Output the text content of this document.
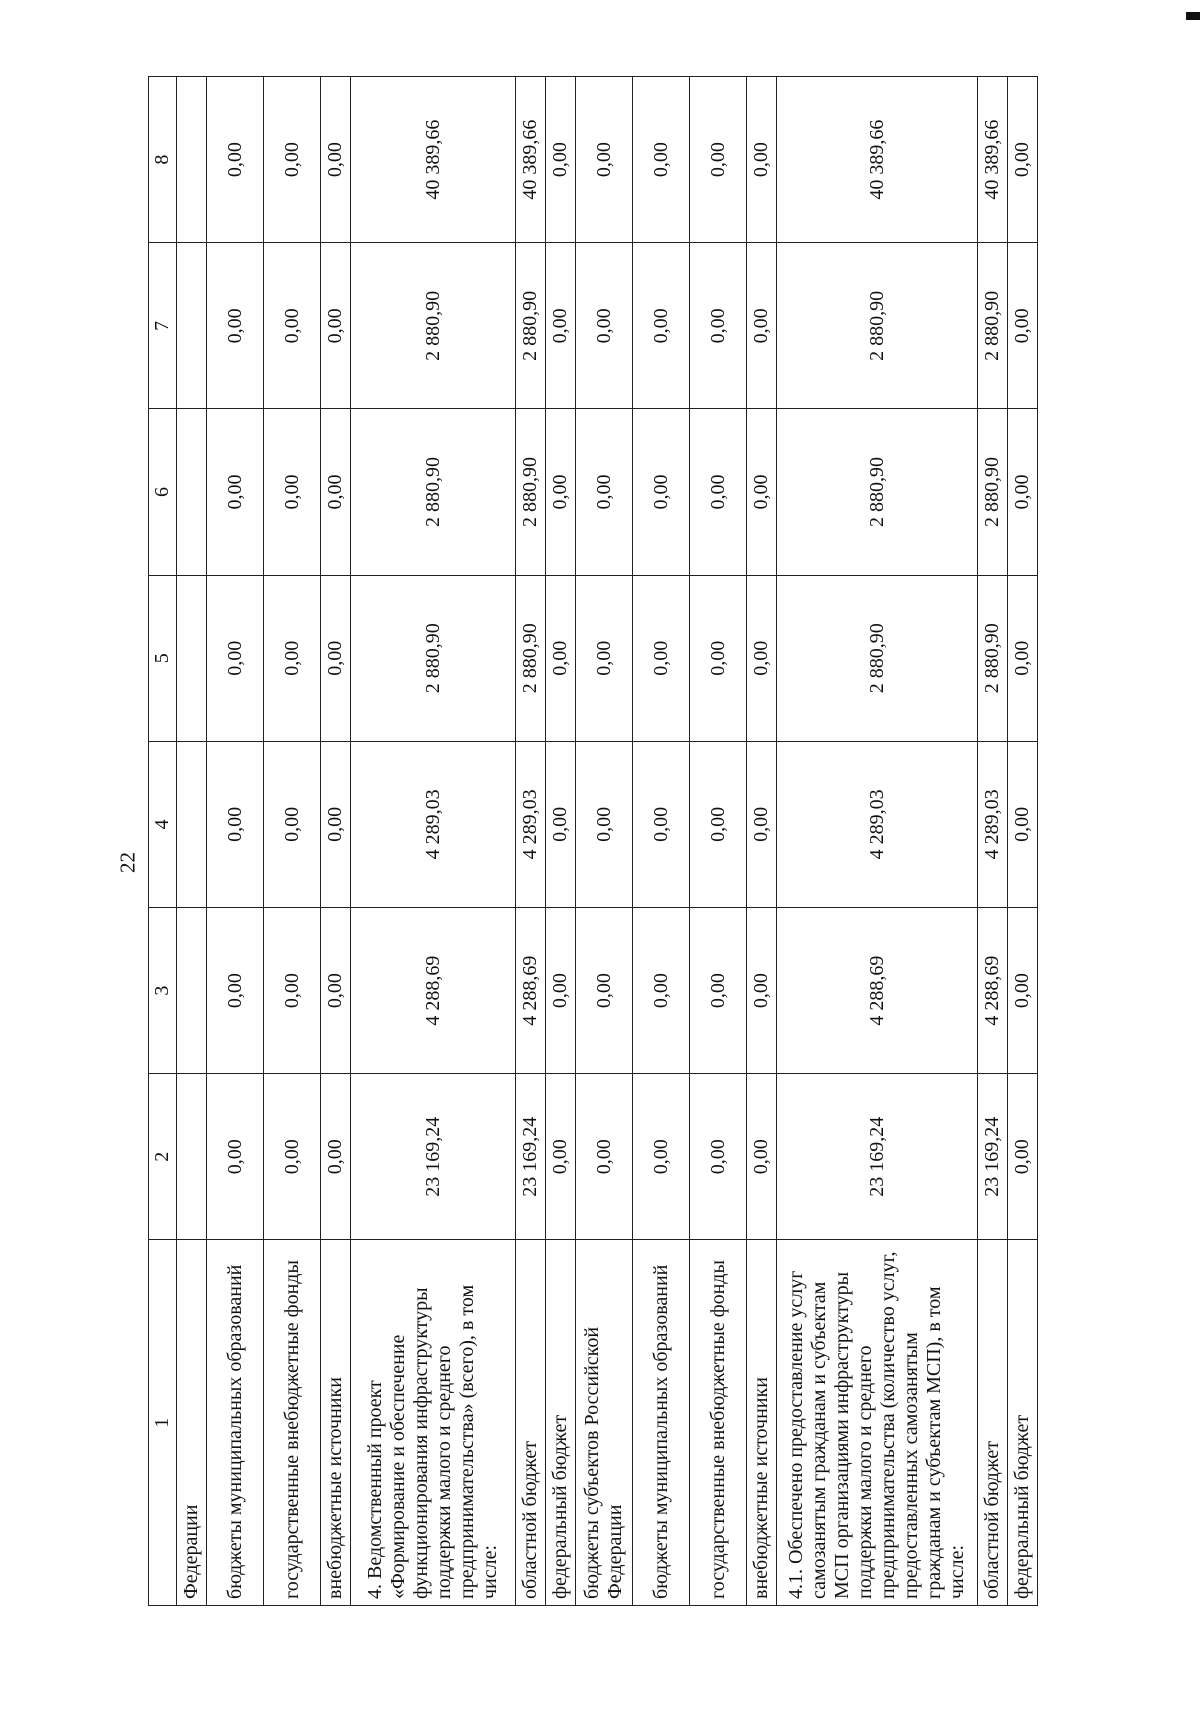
22
1	2	3	4	5	6	7	8
Федерации							
бюджеты муниципальных образований	0,00	0,00	0,00	0,00	0,00	0,00	0,00
государственные внебюджетные фонды	0,00	0,00	0,00	0,00	0,00	0,00	0,00
внебюджетные источники	0,00	0,00	0,00	0,00	0,00	0,00	0,00
4. Ведомственный проект «Формирование и обеспечение функционирования инфраструктуры поддержки малого и среднего предпринимательства» (всего), в том числе:	23 169,24	4 288,69	4 289,03	2 880,90	2 880,90	2 880,90	40 389,66
областной бюджет	23 169,24	4 288,69	4 289,03	2 880,90	2 880,90	2 880,90	40 389,66
федеральный бюджет	0,00	0,00	0,00	0,00	0,00	0,00	0,00
бюджеты субъектов Российской Федерации	0,00	0,00	0,00	0,00	0,00	0,00	0,00
бюджеты муниципальных образований	0,00	0,00	0,00	0,00	0,00	0,00	0,00
государственные внебюджетные фонды	0,00	0,00	0,00	0,00	0,00	0,00	0,00
внебюджетные источники	0,00	0,00	0,00	0,00	0,00	0,00	0,00
4.1. Обеспечено предоставление услуг самозанятым гражданам и субъектам МСП организациями инфраструктуры поддержки малого и среднего предпринимательства (количество услуг, предоставленных самозанятым гражданам и субъектам МСП), в том числе:	23 169,24	4 288,69	4 289,03	2 880,90	2 880,90	2 880,90	40 389,66
областной бюджет	23 169,24	4 288,69	4 289,03	2 880,90	2 880,90	2 880,90	40 389,66
федеральный бюджет	0,00	0,00	0,00	0,00	0,00	0,00	0,00
